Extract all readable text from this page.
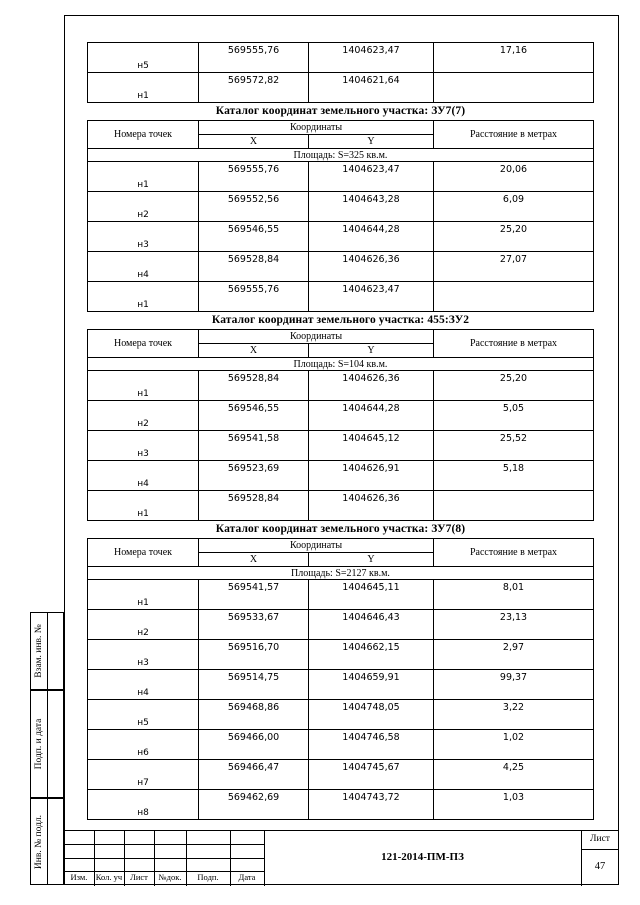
н5	569555,76	1404623,47	17,16
н1	569572,82	1404621,64	
Каталог координат земельного участка: ЗУ7(7)
Номера точек	Координаты		Расстояние в метрах
	X	Y	
Площадь: S=325 кв.м.			
н1	569555,76	1404623,47	20,06
н2	569552,56	1404643,28	6,09
н3	569546,55	1404644,28	25,20
н4	569528,84	1404626,36	27,07
н1	569555,76	1404623,47	
Каталог координат земельного участка: 455:ЗУ2
Номера точек	Координаты		Расстояние в метрах
	X	Y	
Площадь: S=104 кв.м.			
н1	569528,84	1404626,36	25,20
н2	569546,55	1404644,28	5,05
н3	569541,58	1404645,12	25,52
н4	569523,69	1404626,91	5,18
н1	569528,84	1404626,36	
Каталог координат земельного участка: ЗУ7(8)
Номера точек	Координаты		Расстояние в метрах
	X	Y	
Площадь: S=2127 кв.м.			
н1	569541,57	1404645,11	8,01
н2	569533,67	1404646,43	23,13
н3	569516,70	1404662,15	2,97
н4	569514,75	1404659,91	99,37
н5	569468,86	1404748,05	3,22
н6	569466,00	1404746,58	1,02
н7	569466,47	1404745,67	4,25
н8	569462,69	1404743,72	1,03
Взам. инв. №
Подп. и дата
Инв. № подл.
Изм. Кол. уч Лист	№док.	Подп.	Дата
121-2014-ПМ-ПЗ
Лист
47
